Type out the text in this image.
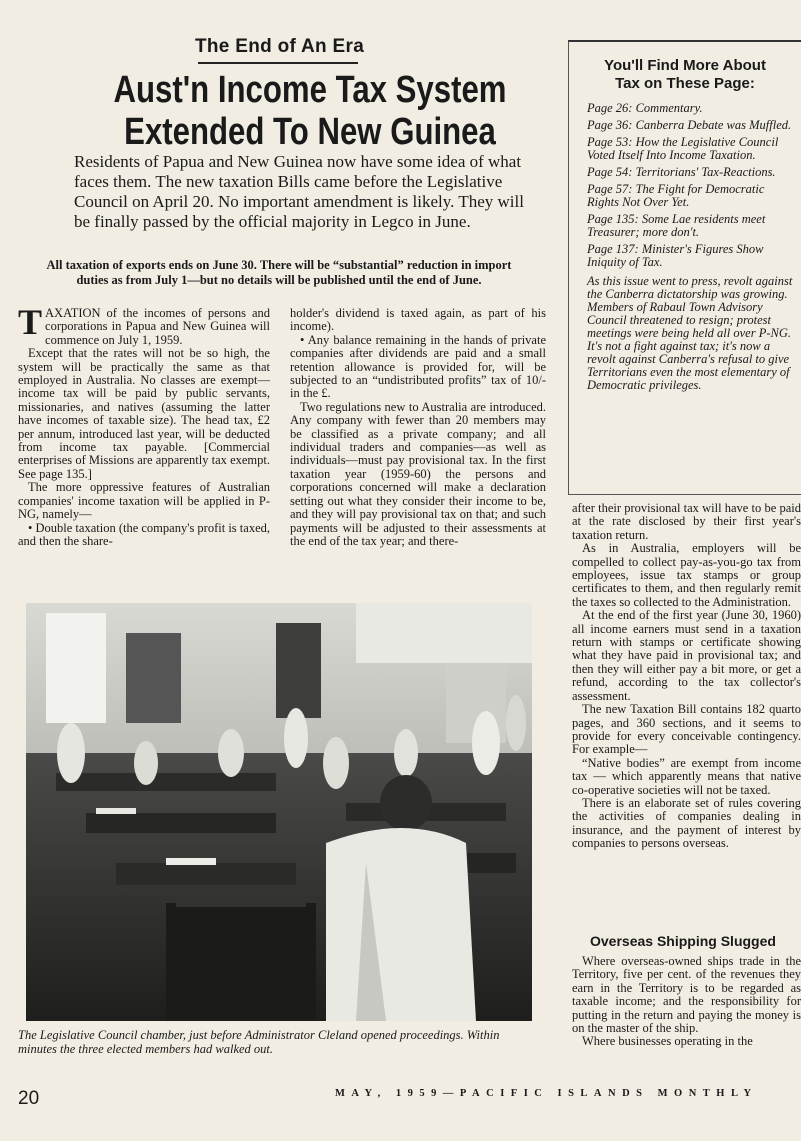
The End of An Era
Aust'n Income Tax System
Extended To New Guinea
Residents of Papua and New Guinea now have some idea of what faces them. The new taxation Bills came before the Legislative Council on April 20. No important amendment is likely. They will be finally passed by the official majority in Legco in June.
All taxation of exports ends on June 30. There will be “substantial” reduction in import duties as from July 1—but no details will be published until the end of June.

TAXATION of the incomes of persons and corporations in Papua and New Guinea will commence on July 1, 1959.

Except that the rates will not be so high, the system will be practically the same as that employed in Australia. No classes are exempt—income tax will be paid by public servants, missionaries, and natives (assuming the latter have incomes of taxable size). The head tax, £2 per annum, introduced last year, will be deducted from income tax payable. [Commercial enterprises of Missions are apparently tax exempt. See page 135.]

The more oppressive features of Australian companies' income taxation will be applied in P-NG, namely—

• Double taxation (the company's profit is taxed, and then the share-

holder's dividend is taxed again, as part of his income).

• Any balance remaining in the hands of private companies after dividends are paid and a small retention allowance is provided for, will be subjected to an “undistributed profits” tax of 10/- in the £.

Two regulations new to Australia are introduced. Any company with fewer than 20 members may be classified as a private company; and all individual traders and companies—as well as individuals—must pay provisional tax. In the first taxation year (1959-60) the persons and corporations concerned will make a declaration setting out what they consider their income to be, and they will pay provisional tax on that; and such payments will be adjusted to their assessments at the end of the tax year; and there-

You'll Find More About
Tax on These Page:
Page 26: Commentary.
Page 36: Canberra Debate was Muffled.
Page 53: How the Legislative Council Voted Itself Into Income Taxation.
Page 54: Territorians' Tax-Reactions.
Page 57: The Fight for Democratic Rights Not Over Yet.
Page 135: Some Lae residents meet Treasurer; more don't.
Page 137: Minister's Figures Show Iniquity of Tax.
As this issue went to press, revolt against the Canberra dictatorship was growing. Members of Rabaul Town Advisory Council threatened to resign; protest meetings were being held all over P-NG. It's not a fight against tax; it's now a revolt against Canberra's refusal to give Territorians even the most elementary of Democratic privileges.

after their provisional tax will have to be paid at the rate disclosed by their first year's taxation return.

As in Australia, employers will be compelled to collect pay-as-you-go tax from employees, issue tax stamps or group certificates to them, and then regularly remit the taxes so collected to the Administration.

At the end of the first year (June 30, 1960) all income earners must send in a taxation return with stamps or certificate showing what they have paid in provisional tax; and then they will either pay a bit more, or get a refund, according to the tax collector's assessment.

The new Taxation Bill contains 182 quarto pages, and 360 sections, and it seems to provide for every conceivable contingency. For example—

“Native bodies” are exempt from income tax — which apparently means that native co-operative societies will not be taxed.

There is an elaborate set of rules covering the activities of companies dealing in insurance, and the payment of interest by companies to persons overseas.

Overseas Shipping Slugged

Where overseas-owned ships trade in the Territory, five per cent. of the revenues they earn in the Territory is to be regarded as taxable income; and the responsibility for putting in the return and paying the money is on the master of the ship.

Where businesses operating in the

The Legislative Council chamber, just before Administrator Cleland opened proceedings. Within minutes the three elected members had walked out.
20	MAY, 1959—PACIFIC ISLANDS MONTHLY
